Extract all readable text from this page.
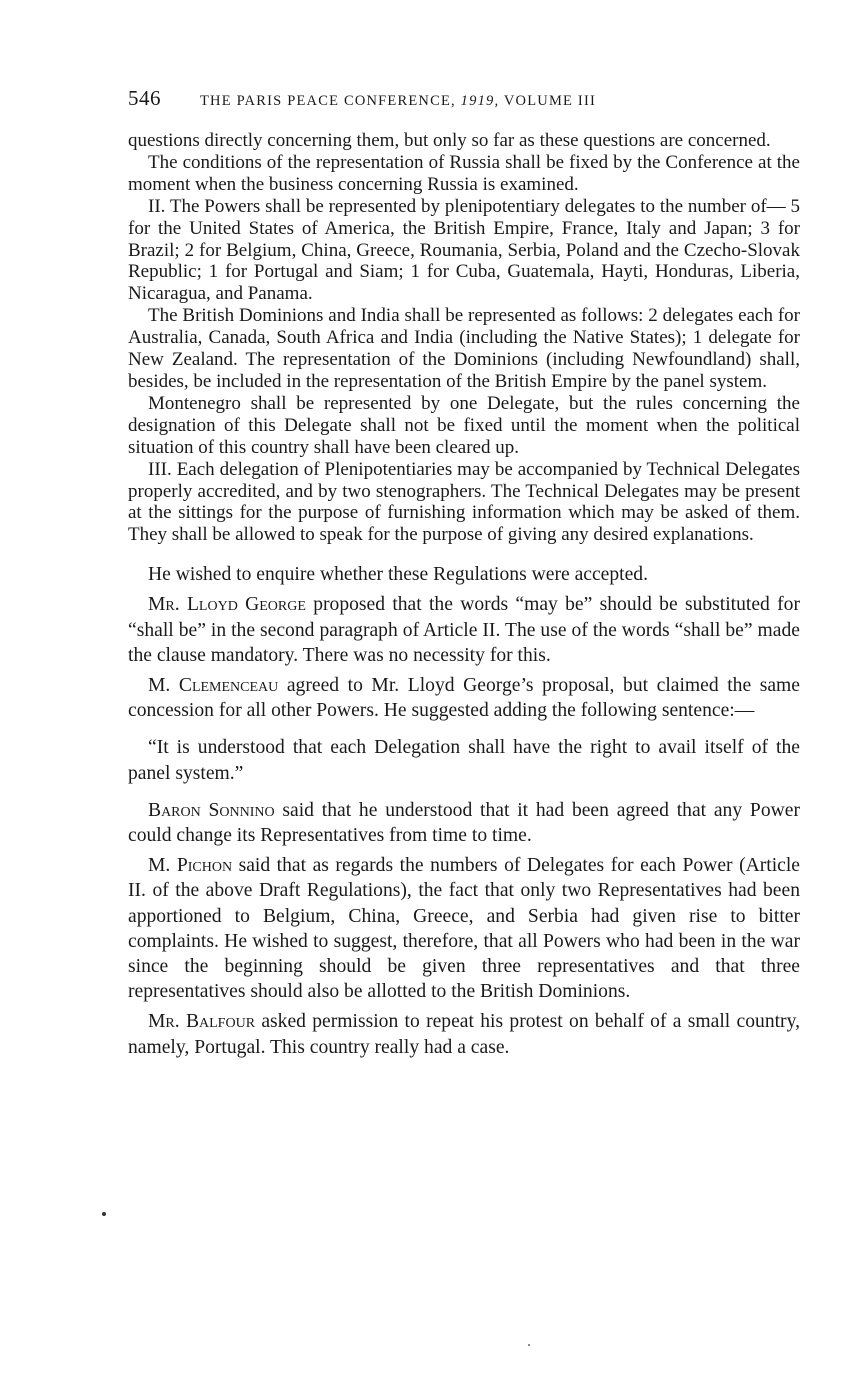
546	THE PARIS PEACE CONFERENCE, 1919, VOLUME III

questions directly concerning them, but only so far as these questions are concerned.

The conditions of the representation of Russia shall be fixed by the Conference at the moment when the business concerning Russia is examined.

II. The Powers shall be represented by plenipotentiary delegates to the number of— 5 for the United States of America, the British Empire, France, Italy and Japan; 3 for Brazil; 2 for Belgium, China, Greece, Roumania, Serbia, Poland and the Czecho-Slovak Republic; 1 for Portugal and Siam; 1 for Cuba, Guatemala, Hayti, Honduras, Liberia, Nicaragua, and Panama.

The British Dominions and India shall be represented as follows: 2 delegates each for Australia, Canada, South Africa and India (including the Native States); 1 delegate for New Zealand. The representation of the Dominions (including Newfoundland) shall, besides, be included in the representation of the British Empire by the panel system.

Montenegro shall be represented by one Delegate, but the rules concerning the designation of this Delegate shall not be fixed until the moment when the political situation of this country shall have been cleared up.

III. Each delegation of Plenipotentiaries may be accompanied by Technical Delegates properly accredited, and by two stenographers. The Technical Delegates may be present at the sittings for the purpose of furnishing information which may be asked of them. They shall be allowed to speak for the purpose of giving any desired explanations.

He wished to enquire whether these Regulations were accepted.

Mr. Lloyd George proposed that the words “may be” should be substituted for “shall be” in the second paragraph of Article II. The use of the words “shall be” made the clause mandatory. There was no necessity for this.

M. Clemenceau agreed to Mr. Lloyd George’s proposal, but claimed the same concession for all other Powers. He suggested adding the following sentence:—

“It is understood that each Delegation shall have the right to avail itself of the panel system.”

Baron Sonnino said that he understood that it had been agreed that any Power could change its Representatives from time to time.

M. Pichon said that as regards the numbers of Delegates for each Power (Article II. of the above Draft Regulations), the fact that only two Representatives had been apportioned to Belgium, China, Greece, and Serbia had given rise to bitter complaints. He wished to suggest, therefore, that all Powers who had been in the war since the beginning should be given three representatives and that three representatives should also be allotted to the British Dominions.

Mr. Balfour asked permission to repeat his protest on behalf of a small country, namely, Portugal. This country really had a case.
